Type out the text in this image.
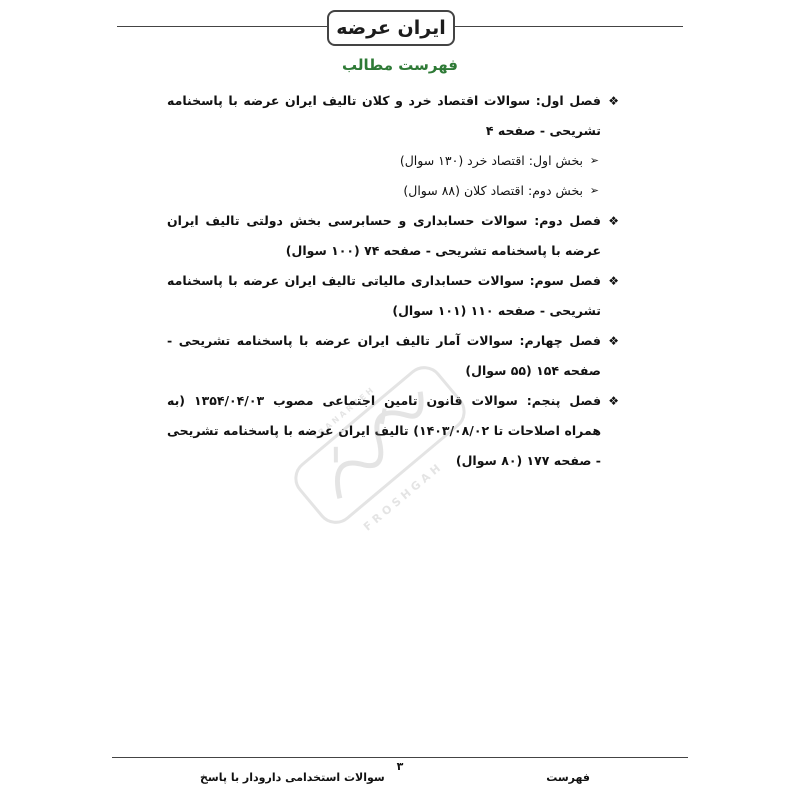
ایران عرضه
فهرست مطالب
❖
فصل اول: سوالات اقتصاد خرد و کلان تالیف ایران عرضه با پاسخنامه تشریحی - صفحه ۴
➢
بخش اول: اقتصاد خرد (۱۳۰ سوال)
➢
بخش دوم: اقتصاد کلان (۸۸ سوال)
❖
فصل دوم: سوالات حسابداری و حسابرسی بخش دولتی تالیف ایران عرضه با پاسخنامه تشریحی - صفحه ۷۴ (۱۰۰ سوال)
❖
فصل سوم: سوالات حسابداری مالیاتی تالیف ایران عرضه با پاسخنامه تشریحی - صفحه ۱۱۰ (۱۰۱ سوال)
❖
فصل چهارم: سوالات آمار تالیف ایران عرضه با پاسخنامه تشریحی - صفحه ۱۵۴ (۵۵ سوال)
❖
فصل پنجم: سوالات قانون تامین اجتماعی مصوب ۱۳۵۴/۰۴/۰۳ (به همراه اصلاحات تا ۱۴۰۳/۰۸/۰۲) تالیف ایران عرضه با پاسخنامه تشریحی - صفحه ۱۷۷ (۸۰ سوال)
F R O S H G A H
I R A N A R Z E H
۳
فهرست
سوالات استخدامی دارودار با پاسخ
